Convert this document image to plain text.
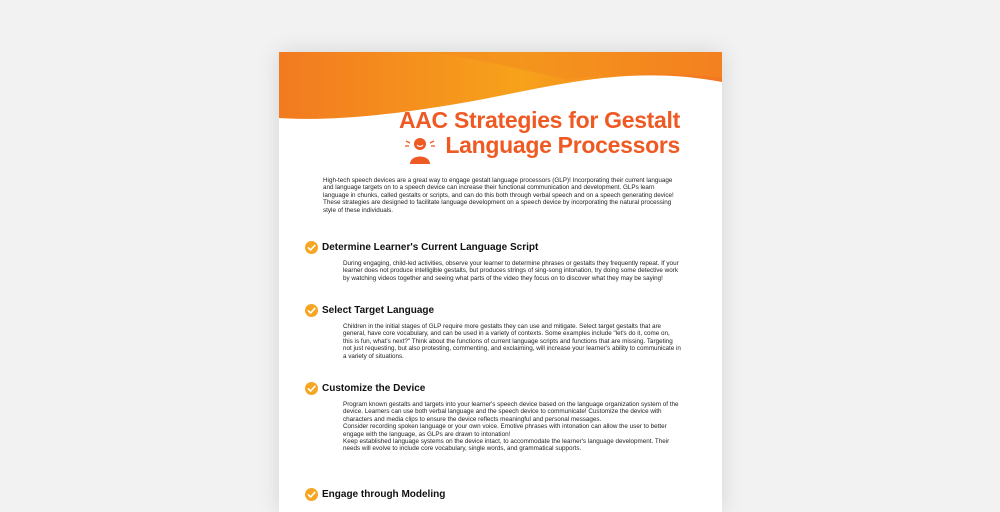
AAC Strategies for Gestalt
Language Processors
High-tech speech devices are a great way to engage gestalt language processors (GLP)! Incorporating their current language and language targets on to a speech device can increase their functional communication and development. GLPs learn language in chunks, called gestalts or scripts, and can do this both through verbal speech and on a speech generating device! These strategies are designed to facilitate language development on a speech device by incorporating the natural processing style of these individuals.
Determine Learner's Current Language Script

During engaging, child-led activities, observe your learner to determine phrases or gestalts they frequently repeat. If your learner does not produce intelligible gestalts, but produces strings of sing-song intonation, try doing some detective work by watching videos together and seeing what parts of the video they focus on to discover what they may be saying!

Select Target Language

Children in the initial stages of GLP require more gestalts they can use and mitigate. Select target gestalts that are general, have core vocabulary, and can be used in a variety of contexts. Some examples include "let's do it, come on, this is fun, what's next?" Think about the functions of current language scripts and functions that are missing. Targeting not just requesting, but also protesting, commenting, and exclaiming, will increase your learner's ability to communicate in a variety of situations.

Customize the Device

Program known gestalts and targets into your learner's speech device based on the language organization system of the device. Learners can use both verbal language and the speech device to communicate! Customize the device with characters and media clips to ensure the device reflects meaningful and personal messages.

Consider recording spoken language or your own voice. Emotive phrases with intonation can allow the user to better engage with the language, as GLPs are drawn to intonation!

Keep established language systems on the device intact, to accommodate the learner's language development. Their needs will evolve to include core vocabulary, single words, and grammatical supports.

Engage through Modeling
